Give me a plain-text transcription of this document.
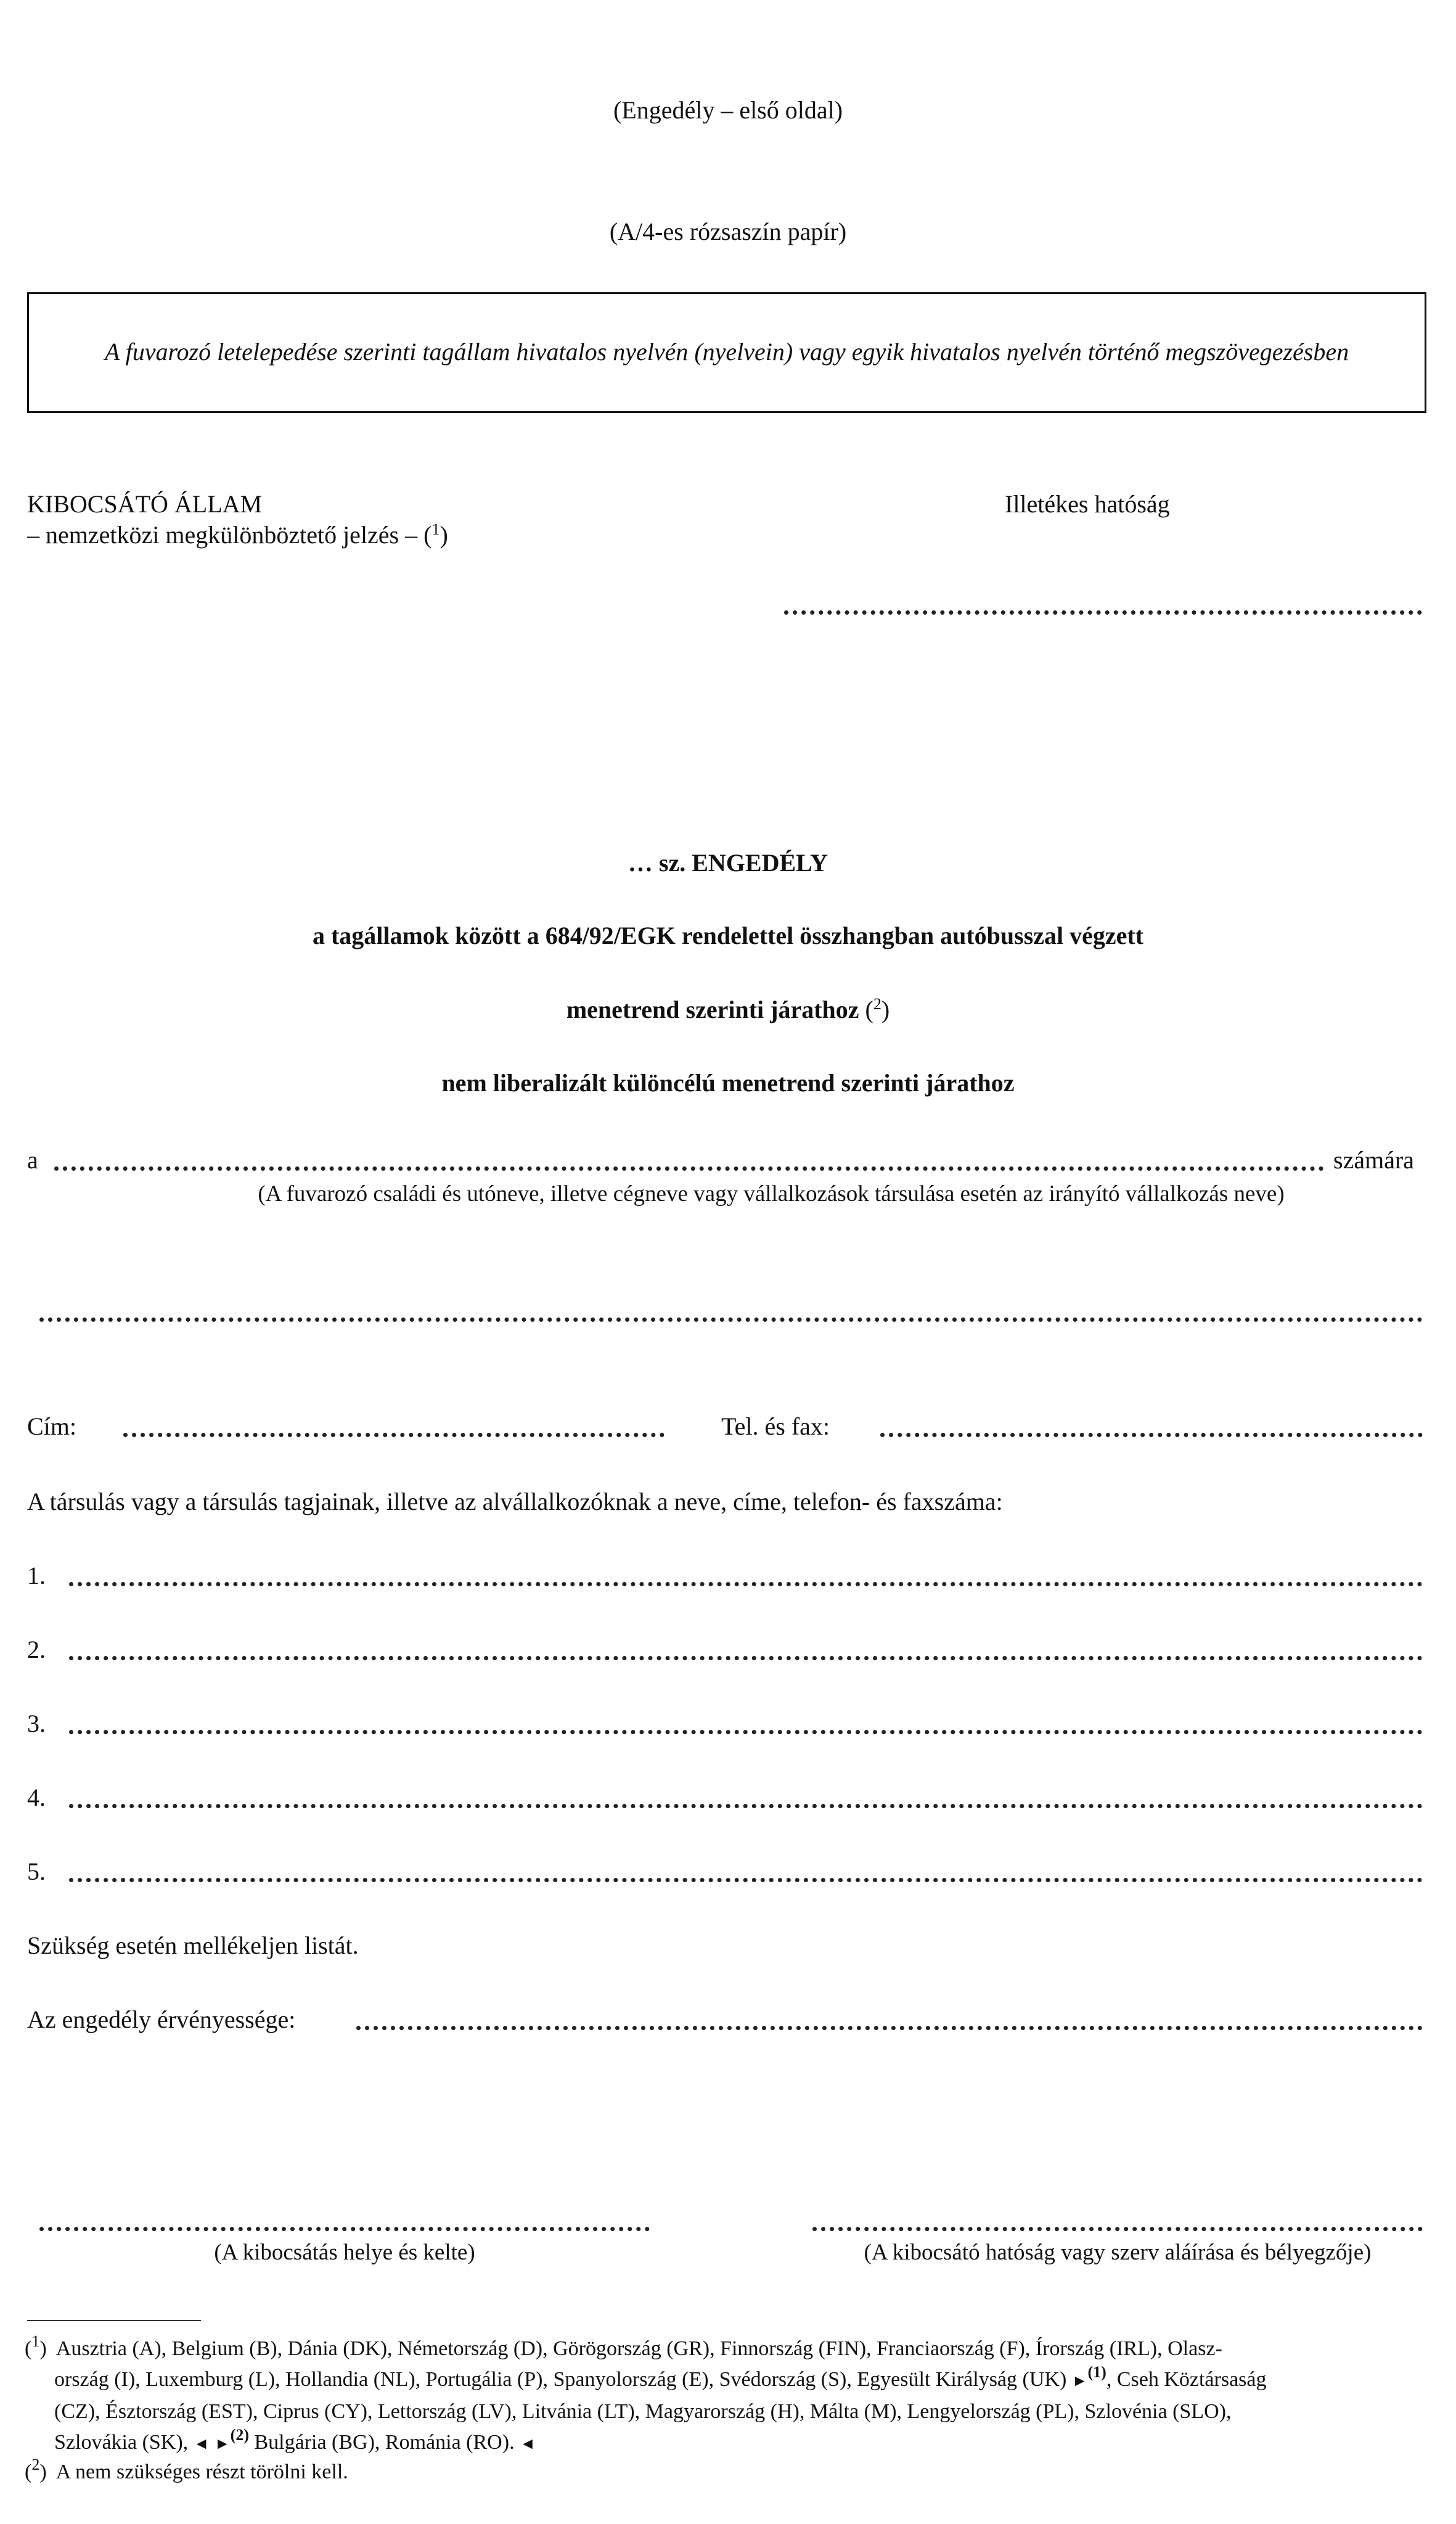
(Engedély – első oldal)
(A/4-es rózsaszín papír)
A fuvarozó letelepedése szerinti tagállam hivatalos nyelvén (nyelvein) vagy egyik hivatalos nyelvén történő megszövegezésben
KIBOCSÁTÓ ÁLLAM
– nemzetközi megkülönböztető jelzés – ($^1$)
Illetékes hatóság
… sz. ENGEDÉLY
a tagállamok között a 684/92/EGK rendelettel összhangban autóbusszal végzett
menetrend szerinti járathoz ($^2$)
nem liberalizált különcélú menetrend szerinti járathoz
a	számára
(A fuvarozó családi és utóneve, illetve cégneve vagy vállalkozások társulása esetén az irányító vállalkozás neve)
Cím:	Tel. és fax:
A társulás vagy a társulás tagjainak, illetve az alvállalkozóknak a neve, címe, telefon- és faxszáma:
1.
2.
3.
4.
5.
Szükség esetén mellékeljen listát.
Az engedély érvényessége:
(A kibocsátás helye és kelte)	(A kibocsátó hatóság vagy szerv aláírása és bélyegzője)
($^1$)  Ausztria (A), Belgium (B), Dánia (DK), Németország (D), Görögország (GR), Finnország (FIN), Franciaország (F), Írország (IRL), Olasz-
ország (I), Luxemburg (L), Hollandia (NL), Portugália (P), Spanyolország (E), Svédország (S), Egyesült Királyság (UK) ►$^{(1)}$, Cseh Köztársaság
(CZ), Észtország (EST), Ciprus (CY), Lettország (LV), Litvánia (LT), Magyarország (H), Málta (M), Lengyelország (PL), Szlovénia (SLO),
Szlovákia (SK), ◄ ►$^{(2)}$ Bulgária (BG), Románia (RO). ◄
($^2$)  A nem szükséges részt törölni kell.
